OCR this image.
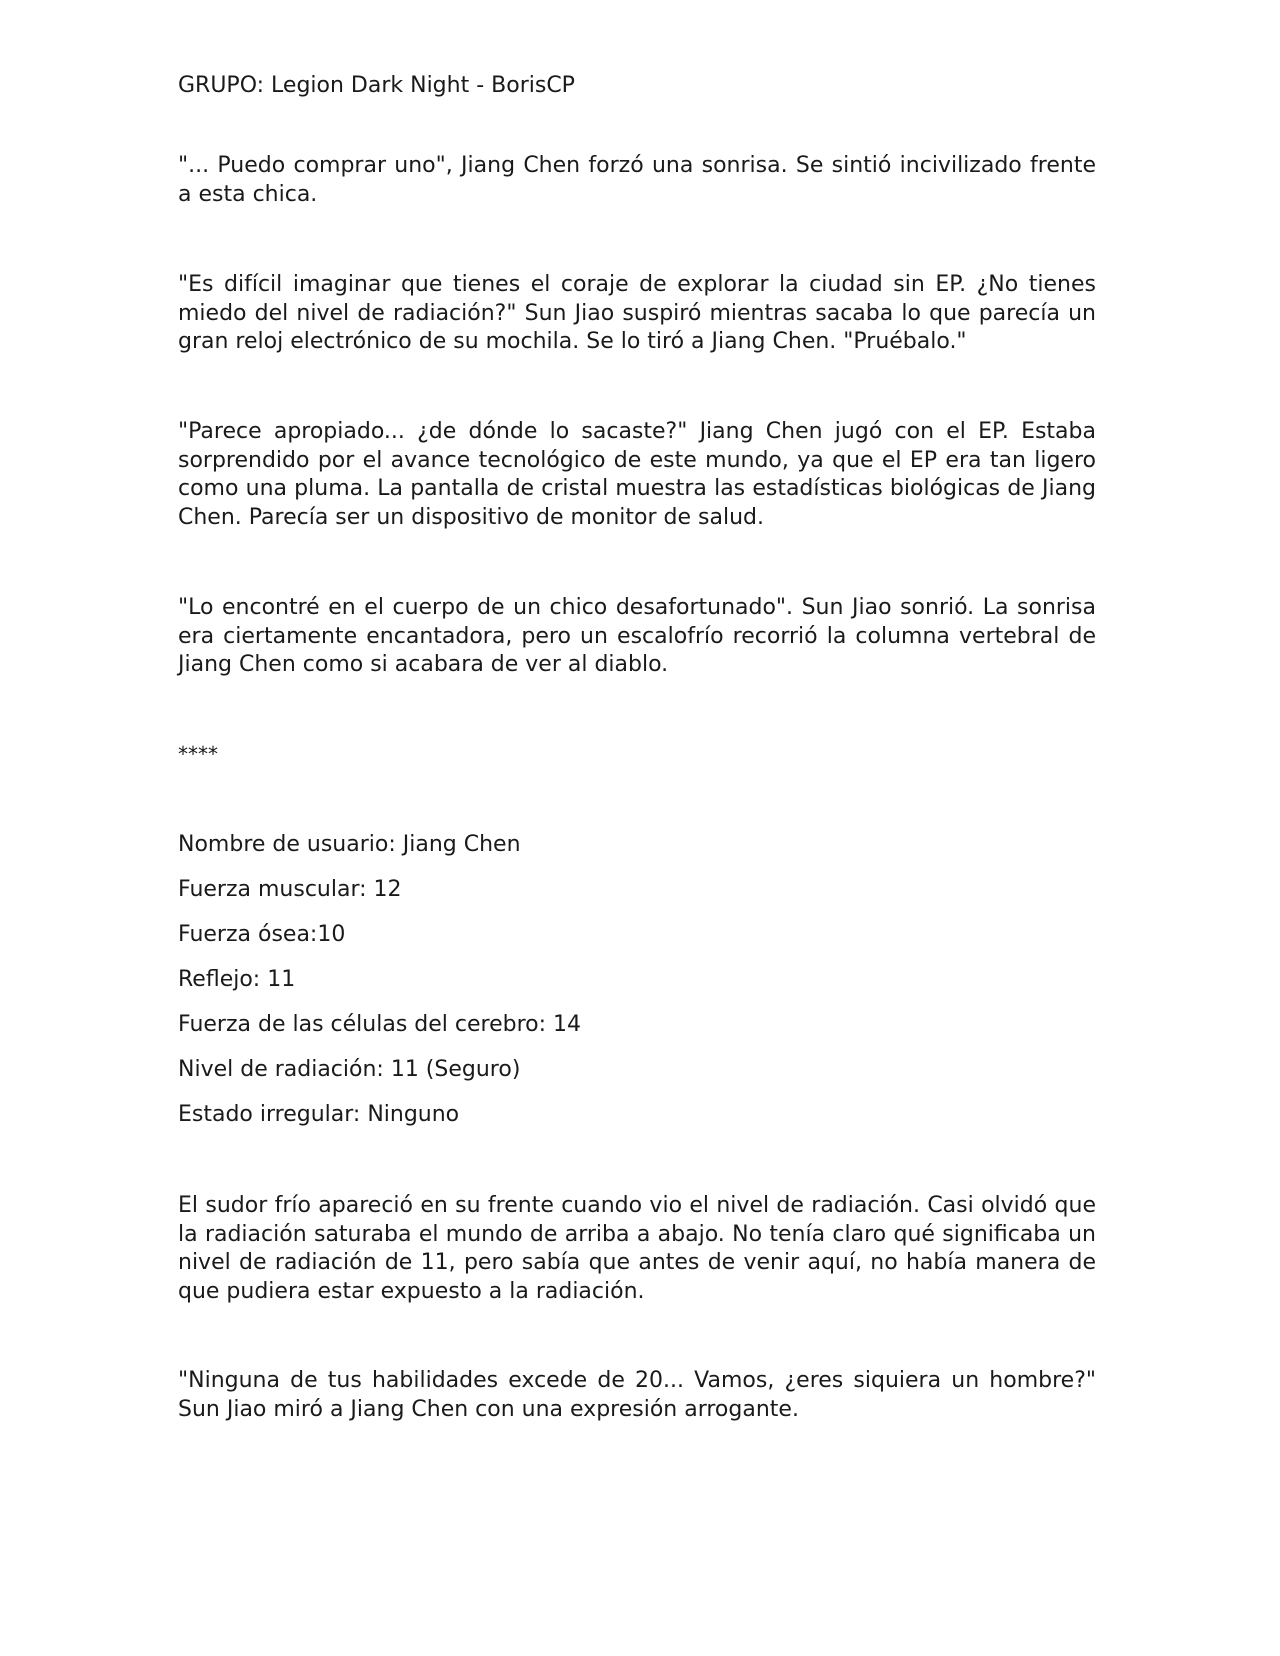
GRUPO: Legion Dark Night - BorisCP

"... Puedo comprar uno", Jiang Chen forzó una sonrisa. Se sintió incivilizado frente a esta chica.

"Es difícil imaginar que tienes el coraje de explorar la ciudad sin EP. ¿No tienes miedo del nivel de radiación?" Sun Jiao suspiró mientras sacaba lo que parecía un gran reloj electrónico de su mochila. Se lo tiró a Jiang Chen. "Pruébalo."

"Parece apropiado... ¿de dónde lo sacaste?" Jiang Chen jugó con el EP. Estaba sorprendido por el avance tecnológico de este mundo, ya que el EP era tan ligero como una pluma. La pantalla de cristal muestra las estadísticas biológicas de Jiang Chen. Parecía ser un dispositivo de monitor de salud.

"Lo encontré en el cuerpo de un chico desafortunado". Sun Jiao sonrió. La sonrisa era ciertamente encantadora, pero un escalofrío recorrió la columna vertebral de Jiang Chen como si acabara de ver al diablo.

****

Nombre de usuario: Jiang Chen

Fuerza muscular: 12

Fuerza ósea:10

Reflejo: 11

Fuerza de las células del cerebro: 14

Nivel de radiación: 11 (Seguro)

Estado irregular: Ninguno

El sudor frío apareció en su frente cuando vio el nivel de radiación. Casi olvidó que la radiación saturaba el mundo de arriba a abajo. No tenía claro qué significaba un nivel de radiación de 11, pero sabía que antes de venir aquí, no había manera de que pudiera estar expuesto a la radiación.

"Ninguna de tus habilidades excede de 20... Vamos, ¿eres siquiera un hombre?" Sun Jiao miró a Jiang Chen con una expresión arrogante.
